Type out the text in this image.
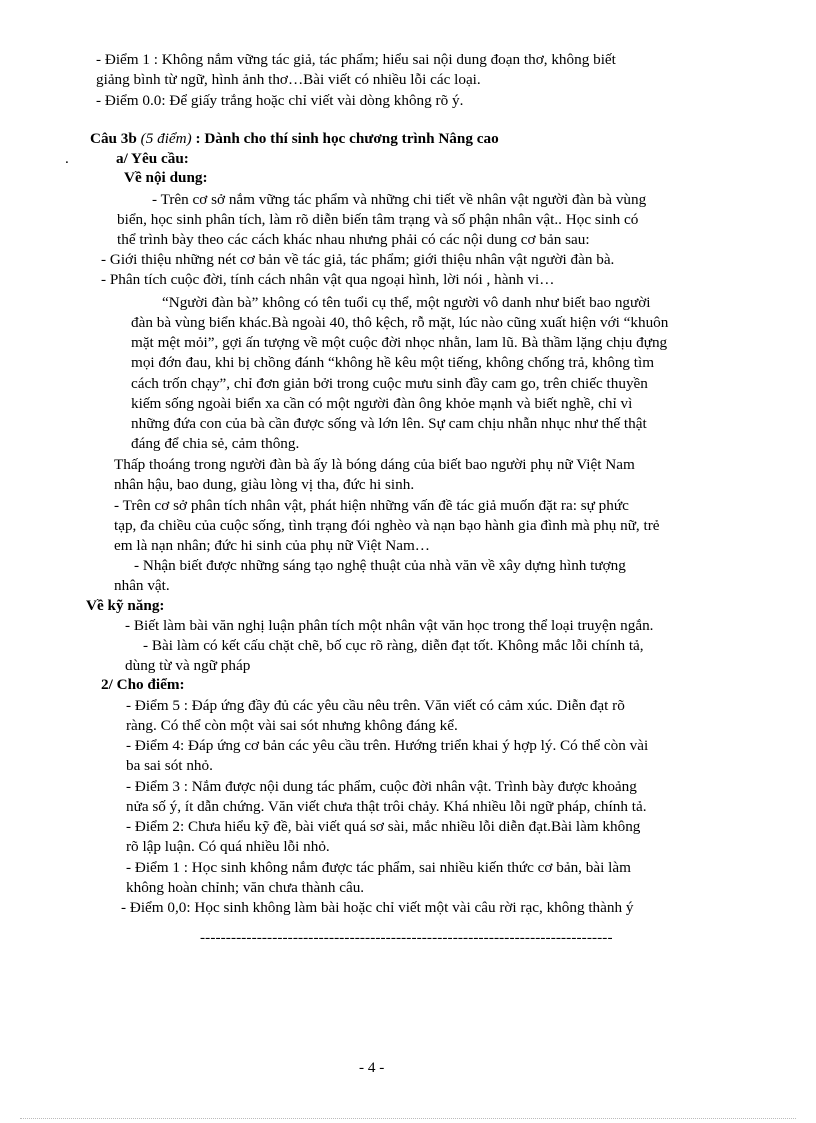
- Điểm 1 : Không nắm vững tác giả, tác phẩm; hiểu sai nội dung đoạn thơ, không biết

giảng bình từ ngữ, hình ảnh thơ…Bài viết có nhiều lỗi các loại.

- Điểm 0.0: Để giấy trắng hoặc chỉ viết vài dòng không rõ ý.

Câu 3b (5 điểm) : Dành cho thí sinh học chương trình Nâng cao

.	a/ Yêu cầu:

Về nội dung:

- Trên cơ sở nắm vững tác phẩm và những chi tiết về nhân vật người đàn bà vùng

biển, học sinh phân tích, làm rõ diễn biến tâm trạng và số phận nhân vật.. Học sinh có

thể trình bày theo các cách khác nhau nhưng phải có các nội dung cơ bản sau:

- Giới thiệu những nét cơ bản về tác giả, tác phẩm; giới thiệu nhân vật người đàn bà.

- Phân tích cuộc đời, tính cách nhân vật qua ngoại hình, lời nói , hành vi…

“Người đàn bà” không có tên tuổi cụ thể, một người vô danh như biết bao người

đàn bà vùng biển khác.Bà ngoài 40, thô kệch, rỗ mặt, lúc nào cũng xuất hiện với “khuôn

mặt mệt mỏi”, gợi ấn tượng về một cuộc đời nhọc nhằn, lam lũ. Bà thầm lặng chịu đựng

mọi đớn đau, khi bị chồng đánh “không hề kêu một tiếng, không chống trả, không tìm

cách trốn chạy”, chỉ đơn giản bởi trong cuộc mưu sinh đầy cam go, trên chiếc thuyền

kiếm sống ngoài biển xa cần có một người đàn ông khỏe mạnh và biết nghề, chỉ vì

những đứa con của bà cần được sống và lớn lên. Sự cam chịu nhẫn nhục như thế thật

đáng để chia sẻ, cảm thông.

Thấp thoáng trong người đàn bà ấy là bóng dáng của biết bao người phụ nữ Việt Nam

nhân hậu, bao dung, giàu lòng vị tha, đức hi sinh.

- Trên cơ sở phân tích nhân vật, phát hiện những vấn đề tác giả muốn đặt ra: sự phức

tạp, đa chiều của cuộc sống, tình trạng đói nghèo và nạn bạo hành gia đình mà phụ nữ, trẻ

em là nạn nhân; đức hi sinh của phụ nữ Việt Nam…

- Nhận biết được những sáng tạo nghệ thuật của nhà văn về xây dựng hình tượng

nhân vật.

Về kỹ năng:

- Biết làm bài văn nghị luận phân tích một nhân vật văn học trong thể loại truyện ngắn.

- Bài làm có kết cấu chặt chẽ, bố cục rõ ràng, diễn đạt tốt. Không mắc lỗi chính tả,

dùng từ và ngữ pháp

2/ Cho điểm:

- Điểm 5 : Đáp ứng đầy đủ các yêu cầu nêu trên. Văn viết có cảm xúc. Diễn đạt rõ

ràng. Có thể còn một vài sai sót nhưng không đáng kể.

- Điểm 4: Đáp ứng cơ bản các yêu cầu trên. Hướng triển khai ý hợp lý. Có thể còn vài

ba sai sót nhỏ.

- Điểm 3 : Nắm được nội dung tác phẩm, cuộc đời nhân vật. Trình bày được khoảng

nửa số ý, ít dẫn chứng. Văn viết chưa thật trôi chảy. Khá nhiều lỗi ngữ pháp, chính tả.

- Điểm 2: Chưa hiểu kỹ đề, bài viết quá sơ sài, mắc nhiều lỗi diễn đạt.Bài làm không

rõ lập luận. Có quá nhiều lỗi nhỏ.

- Điểm 1 : Học sinh không nắm được tác phẩm, sai nhiều kiến thức cơ bản, bài làm

không hoàn chỉnh; văn chưa thành câu.

- Điểm 0,0: Học sinh không làm bài hoặc chỉ viết một vài câu rời rạc, không thành ý

--------------------------------------------------------------------------------

- 4 -
